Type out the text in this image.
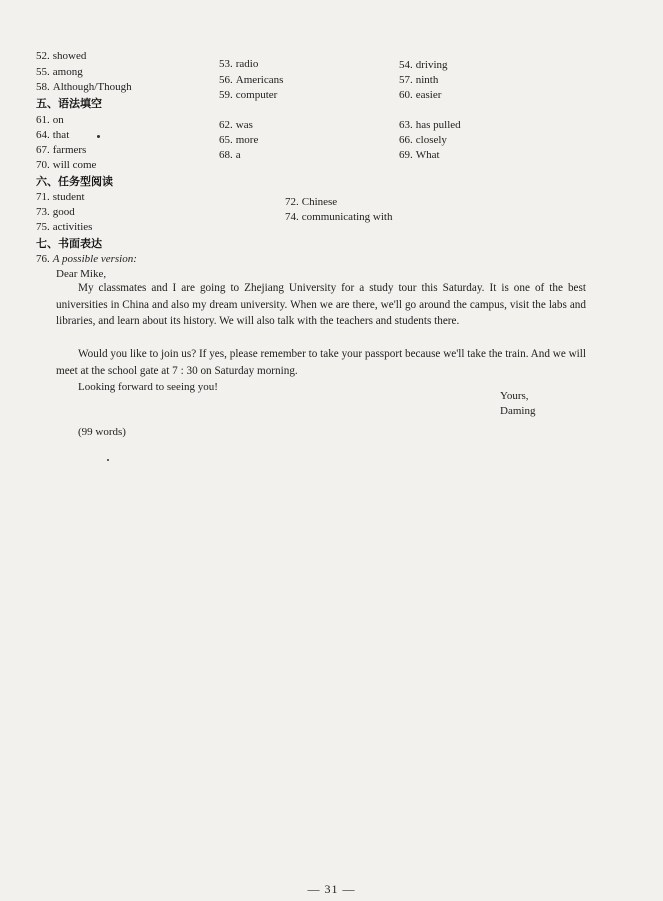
52. showed
55. among
58. Although/Though
53. radio
56. Americans
59. computer
54. driving
57. ninth
60. easier
五、语法填空
61. on
64. that
67. farmers
70. will come
62. was
65. more
68. a
63. has pulled
66. closely
69. What
六、任务型阅读
71. student
73. good
75. activities
72. Chinese
74. communicating with
七、书面表达
76. A possible version:
Dear Mike,
My classmates and I are going to Zhejiang University for a study tour this Saturday. It is one of the best universities in China and also my dream university. When we are there, we'll go around the campus, visit the labs and libraries, and learn about its history. We will also talk with the teachers and students there.
Would you like to join us? If yes, please remember to take your passport because we'll take the train. And we will meet at the school gate at 7 : 30 on Saturday morning.
Looking forward to seeing you!
Yours,
Daming
(99 words)
— 31 —
